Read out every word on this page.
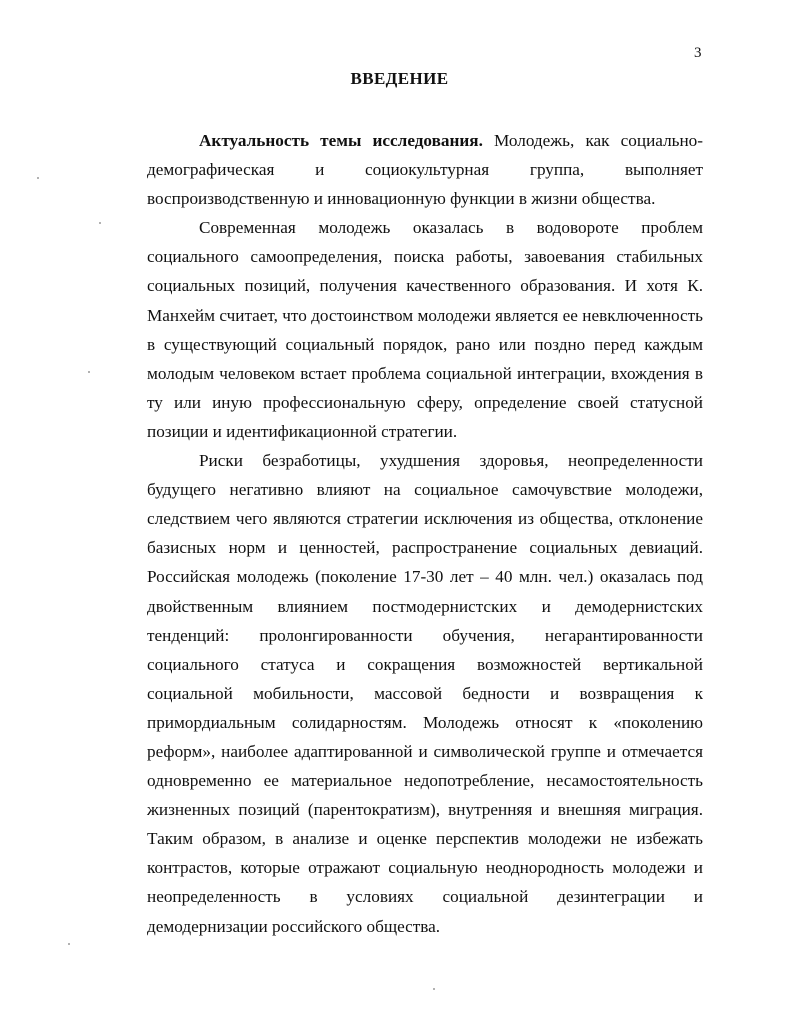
3
ВВЕДЕНИЕ

Актуальность темы исследования. Молодежь, как социально-демографическая и социокультурная группа, выполняет воспроизводственную и инновационную функции в жизни общества.

Современная молодежь оказалась в водовороте проблем социального самоопределения, поиска работы, завоевания стабильных социальных позиций, получения качественного образования. И хотя К. Манхейм считает, что достоинством молодежи является ее невключенность в существующий социальный порядок, рано или поздно перед каждым молодым человеком встает проблема социальной интеграции, вхождения в ту или иную профессиональную сферу, определение своей статусной позиции и идентификационной стратегии.

Риски безработицы, ухудшения здоровья, неопределенности будущего негативно влияют на социальное самочувствие молодежи, следствием чего являются стратегии исключения из общества, отклонение базисных норм и ценностей, распространение социальных девиаций. Российская молодежь (поколение 17-30 лет – 40 млн. чел.) оказалась под двойственным влиянием постмодернистских и демодернистских тенденций: пролонгированности обучения, негарантированности социального статуса и сокращения возможностей вертикальной социальной мобильности, массовой бедности и возвращения к примордиальным солидарностям. Молодежь относят к «поколению реформ», наиболее адаптированной и символической группе и отмечается одновременно ее материальное недопотребление, несамостоятельность жизненных позиций (парентократизм), внутренняя и внешняя миграция. Таким образом, в анализе и оценке перспектив молодежи не избежать контрастов, которые отражают социальную неоднородность молодежи и неопределенность в условиях социальной дезинтеграции и демодернизации российского общества.
